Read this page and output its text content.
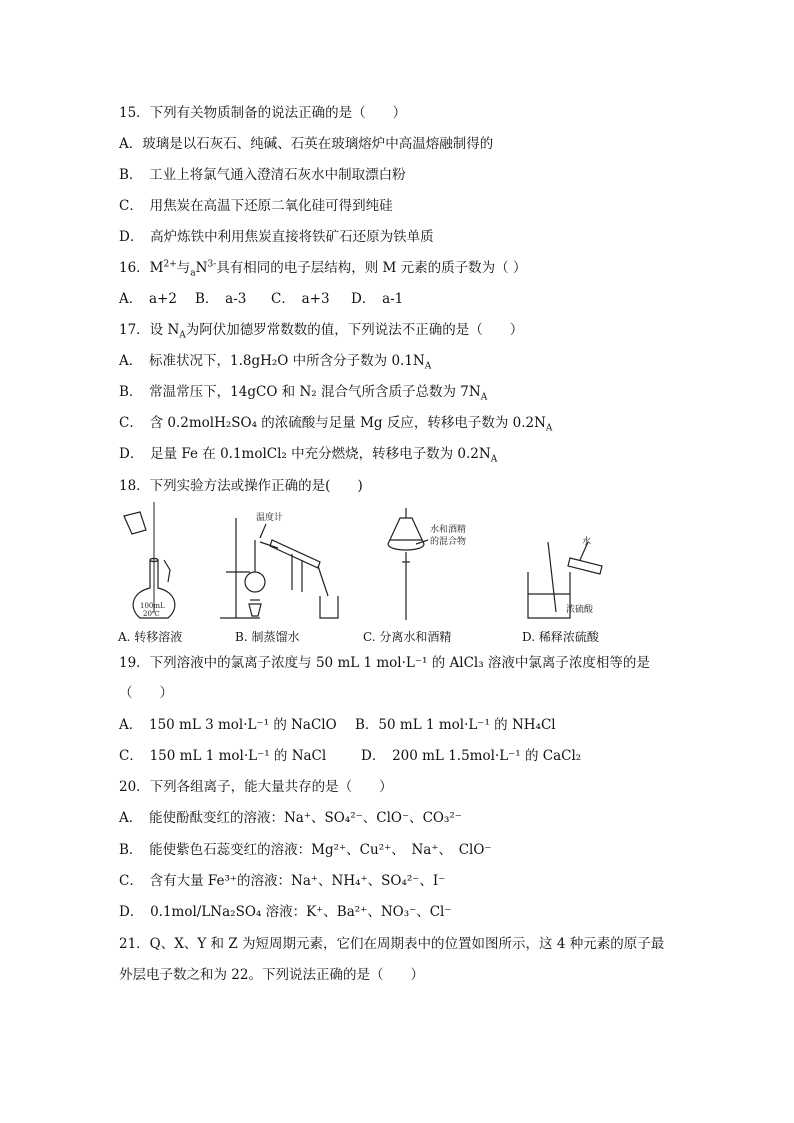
15．下列有关物质制备的说法正确的是（　　）
A．玻璃是以石灰石、纯碱、石英在玻璃熔炉中高温熔融制得的
B．　工业上将氯气通入澄清石灰水中制取漂白粉
C．　用焦炭在高温下还原二氧化硅可得到纯硅
D．　高炉炼铁中利用焦炭直接将铁矿石还原为铁单质
16．$M^{2+}$与$_aN^{3-}$具有相同的电子层结构，则 M 元素的质子数为（ ）
A．　a+2 B．　a-3 C．　a+3 D．　a-1
17．设 $N_A$为阿伏加德罗常数数的值，下列说法不正确的是（　　）
A．　标准状况下，1.8gH₂O 中所含分子数为 $0.1N_A$
B．　常温常压下，14gCO 和 N₂ 混合气所含质子总数为 $7N_A$
C．　含 0.2molH₂SO₄ 的浓硫酸与足量 Mg 反应，转移电子数为 $0.2N_A$
D．　足量 Fe 在 0.1molCl₂ 中充分燃烧，转移电子数为 $0.2N_A$
18．下列实验方法或操作正确的是(　　)
100mL
20℃
温度计
水和酒精
的混合物	水
浓硫酸
A. 转移溶液	B. 制蒸馏水	C. 分离水和酒精	D. 稀释浓硫酸
19．下列溶液中的氯离子浓度与 50 mL 1 mol·L⁻¹ 的 AlCl₃ 溶液中氯离子浓度相等的是
（　　）
A．　150 mL 3 mol·L⁻¹ 的 NaClO B．50 mL 1 mol·L⁻¹ 的 NH₄Cl
C．　150 mL 1 mol·L⁻¹ 的 NaCl	D．　200 mL 1.5mol·L⁻¹ 的 CaCl₂
20．下列各组离子，能大量共存的是（　　）
A．　能使酚酞变红的溶液：Na⁺、SO₄²⁻、ClO⁻、CO₃²⁻
B．　能使紫色石蕊变红的溶液：Mg²⁺、Cu²⁺、　Na⁺、　ClO⁻
C．　含有大量 Fe³⁺的溶液：Na⁺、NH₄⁺、SO₄²⁻、I⁻
D．　0.1mol/LNa₂SO₄ 溶液：K⁺、Ba²⁺、NO₃⁻、Cl⁻
21．Q、X、Y 和 Z 为短周期元素，它们在周期表中的位置如图所示，这 4 种元素的原子最
外层电子数之和为 22。下列说法正确的是（　　）
